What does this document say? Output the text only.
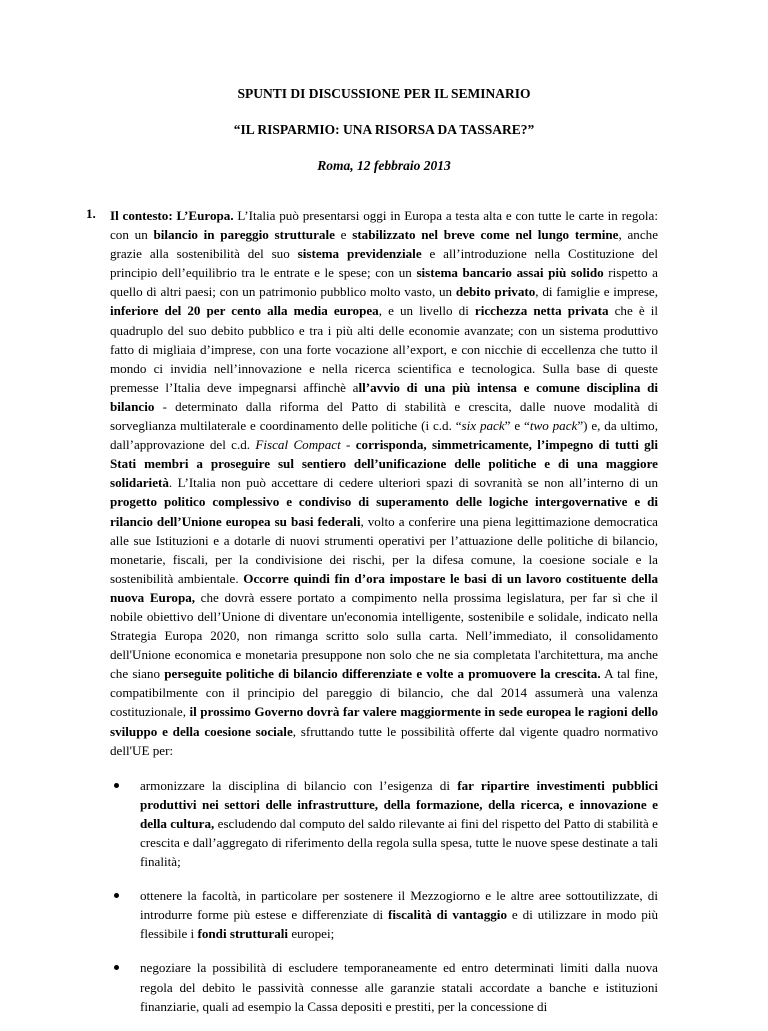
SPUNTI DI DISCUSSIONE PER IL SEMINARIO
“IL RISPARMIO: UNA RISORSA DA TASSARE?”
Roma, 12 febbraio 2013
1. Il contesto: L’Europa. L’Italia può presentarsi oggi in Europa a testa alta e con tutte le carte in regola: con un bilancio in pareggio strutturale e stabilizzato nel breve come nel lungo termine, anche grazie alla sostenibilità del suo sistema previdenziale e all’introduzione nella Costituzione del principio dell’equilibrio tra le entrate e le spese; con un sistema bancario assai più solido rispetto a quello di altri paesi; con un patrimonio pubblico molto vasto, un debito privato, di famiglie e imprese, inferiore del 20 per cento alla media europea, e un livello di ricchezza netta privata che è il quadruplo del suo debito pubblico e tra i più alti delle economie avanzate; con un sistema produttivo fatto di migliaia d’imprese, con una forte vocazione all’export, e con nicchie di eccellenza che tutto il mondo ci invidia nell’innovazione e nella ricerca scientifica e tecnologica. Sulla base di queste premesse l’Italia deve impegnarsi affinchè all’avvio di una più intensa e comune disciplina di bilancio - determinato dalla riforma del Patto di stabilità e crescita, dalle nuove modalità di sorveglianza multilaterale e coordinamento delle politiche (i c.d. “six pack” e “two pack”) e, da ultimo, dall’approvazione del c.d. Fiscal Compact - corrisponda, simmetricamente, l’impegno di tutti gli Stati membri a proseguire sul sentiero dell’unificazione delle politiche e di una maggiore solidarietà. L’Italia non può accettare di cedere ulteriori spazi di sovranità se non all’interno di un progetto politico complessivo e condiviso di superamento delle logiche intergovernative e di rilancio dell’Unione europea su basi federali, volto a conferire una piena legittimazione democratica alle sue Istituzioni e a dotarle di nuovi strumenti operativi per l’attuazione delle politiche di bilancio, monetarie, fiscali, per la condivisione dei rischi, per la difesa comune, la coesione sociale e la sostenibilità ambientale. Occorre quindi fin d’ora impostare le basi di un lavoro costituente della nuova Europa, che dovrà essere portato a compimento nella prossima legislatura, per far sì che il nobile obiettivo dell’Unione di diventare un'economia intelligente, sostenibile e solidale, indicato nella Strategia Europa 2020, non rimanga scritto solo sulla carta. Nell’immediato, il consolidamento dell'Unione economica e monetaria presuppone non solo che ne sia completata l'architettura, ma anche che siano perseguite politiche di bilancio differenziate e volte a promuovere la crescita. A tal fine, compatibilmente con il principio del pareggio di bilancio, che dal 2014 assumerà una valenza costituzionale, il prossimo Governo dovrà far valere maggiormente in sede europea le ragioni dello sviluppo e della coesione sociale, sfruttando tutte le possibilità offerte dal vigente quadro normativo dell'UE per:

armonizzare la disciplina di bilancio con l’esigenza di far ripartire investimenti pubblici produttivi nei settori delle infrastrutture, della formazione, della ricerca, e innovazione e della cultura, escludendo dal computo del saldo rilevante ai fini del rispetto del Patto di stabilità e crescita e dall’aggregato di riferimento della regola sulla spesa, tutte le nuove spese destinate a tali finalità;
ottenere la facoltà, in particolare per sostenere il Mezzogiorno e le altre aree sottoutilizzate, di introdurre forme più estese e differenziate di fiscalità di vantaggio e di utilizzare in modo più flessibile i fondi strutturali europei;
negoziare la possibilità di escludere temporaneamente ed entro determinati limiti dalla nuova regola del debito le passività connesse alle garanzie statali accordate a banche e istituzioni finanziarie, quali ad esempio la Cassa depositi e prestiti, per la concessione di
